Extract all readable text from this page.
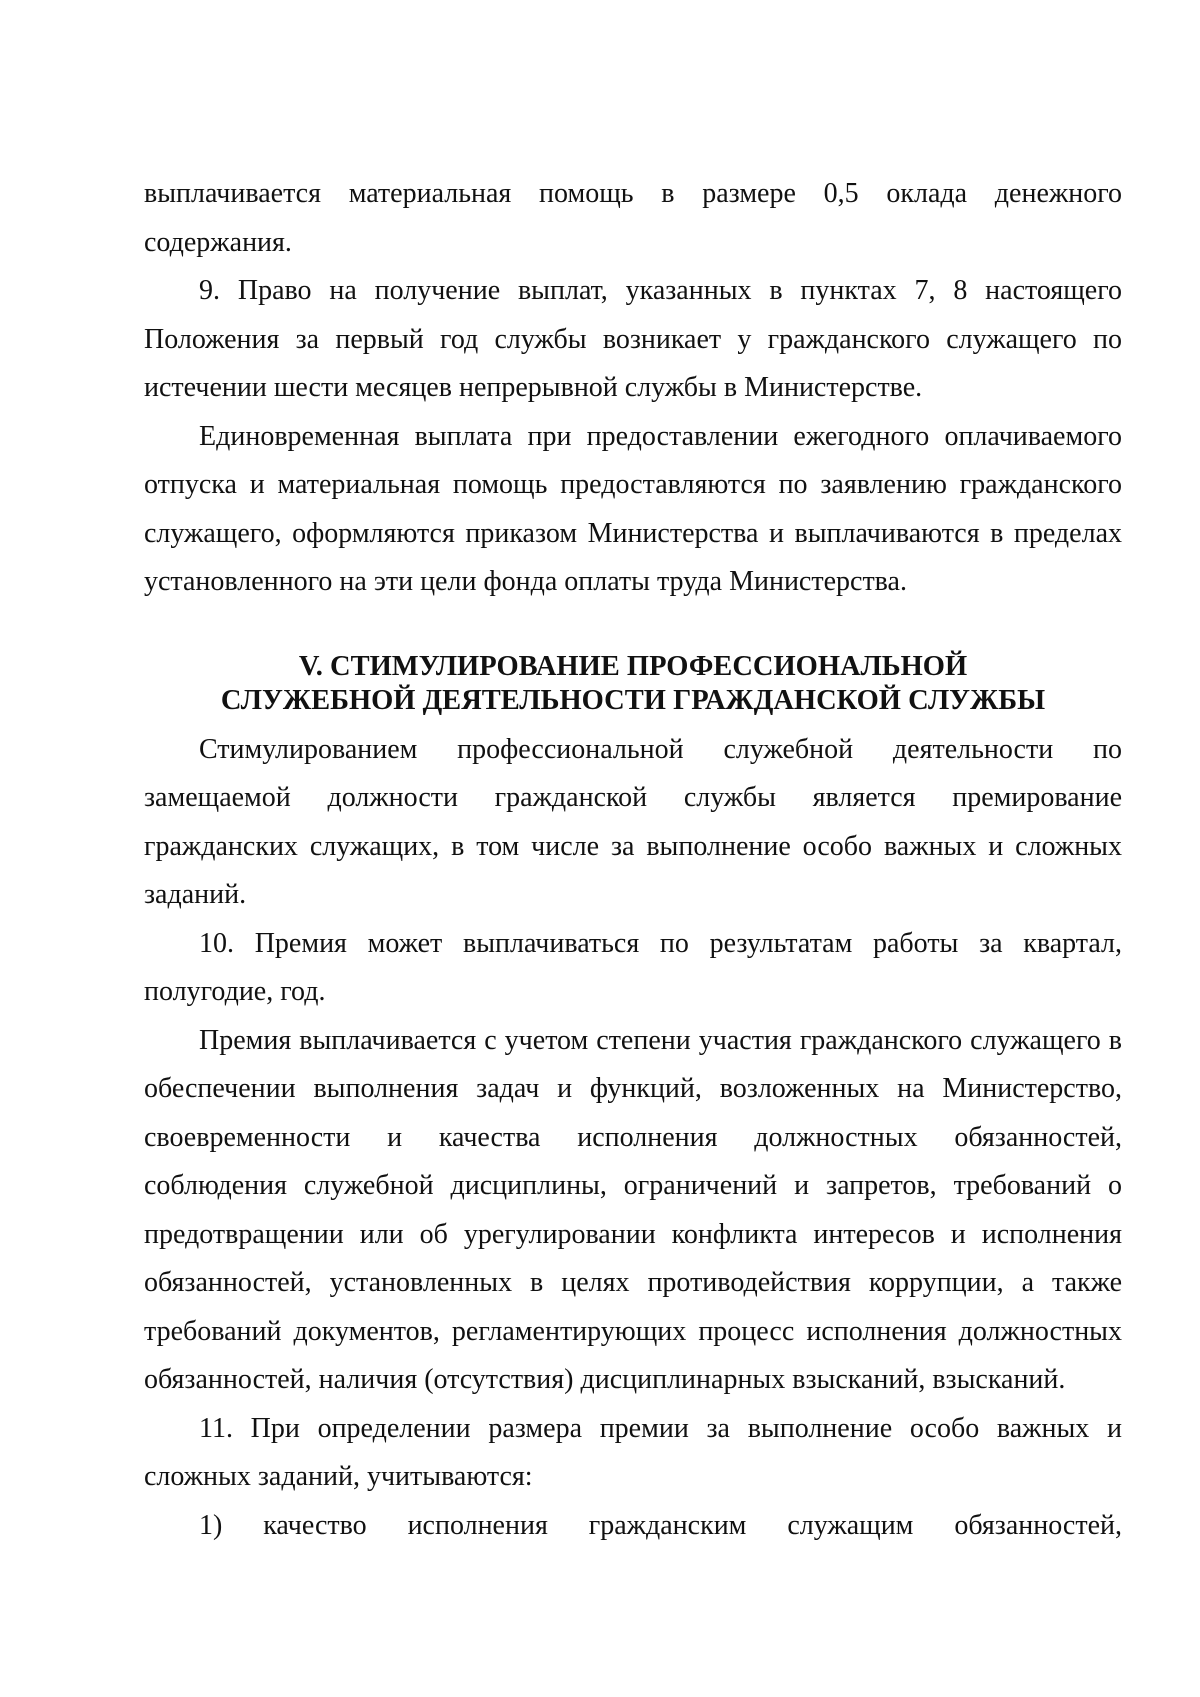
выплачивается материальная помощь в размере 0,5 оклада денежного содержания.

9. Право на получение выплат, указанных в пунктах 7, 8 настоящего Положения за первый год службы возникает у гражданского служащего по истечении шести месяцев непрерывной службы в Министерстве.

Единовременная выплата при предоставлении ежегодного оплачиваемого отпуска и материальная помощь предоставляются по заявлению гражданского служащего, оформляются приказом Министерства и выплачиваются в пределах установленного на эти цели фонда оплаты труда Министерства.

V. СТИМУЛИРОВАНИЕ ПРОФЕССИОНАЛЬНОЙ
СЛУЖЕБНОЙ ДЕЯТЕЛЬНОСТИ ГРАЖДАНСКОЙ СЛУЖБЫ

Стимулированием профессиональной служебной деятельности по замещаемой должности гражданской службы является премирование гражданских служащих, в том числе за выполнение особо важных и сложных заданий.

10. Премия может выплачиваться по результатам работы за квартал, полугодие, год.

Премия выплачивается с учетом степени участия гражданского служащего в обеспечении выполнения задач и функций, возложенных на Министерство, своевременности и качества исполнения должностных обязанностей, соблюдения служебной дисциплины, ограничений и запретов, требований о предотвращении или об урегулировании конфликта интересов и исполнения обязанностей, установленных в целях противодействия коррупции, а также требований документов, регламентирующих процесс исполнения должностных обязанностей, наличия (отсутствия) дисциплинарных взысканий, взысканий.

11. При определении размера премии за выполнение особо важных и сложных заданий, учитываются:

1) качество исполнения гражданским служащим обязанностей,
